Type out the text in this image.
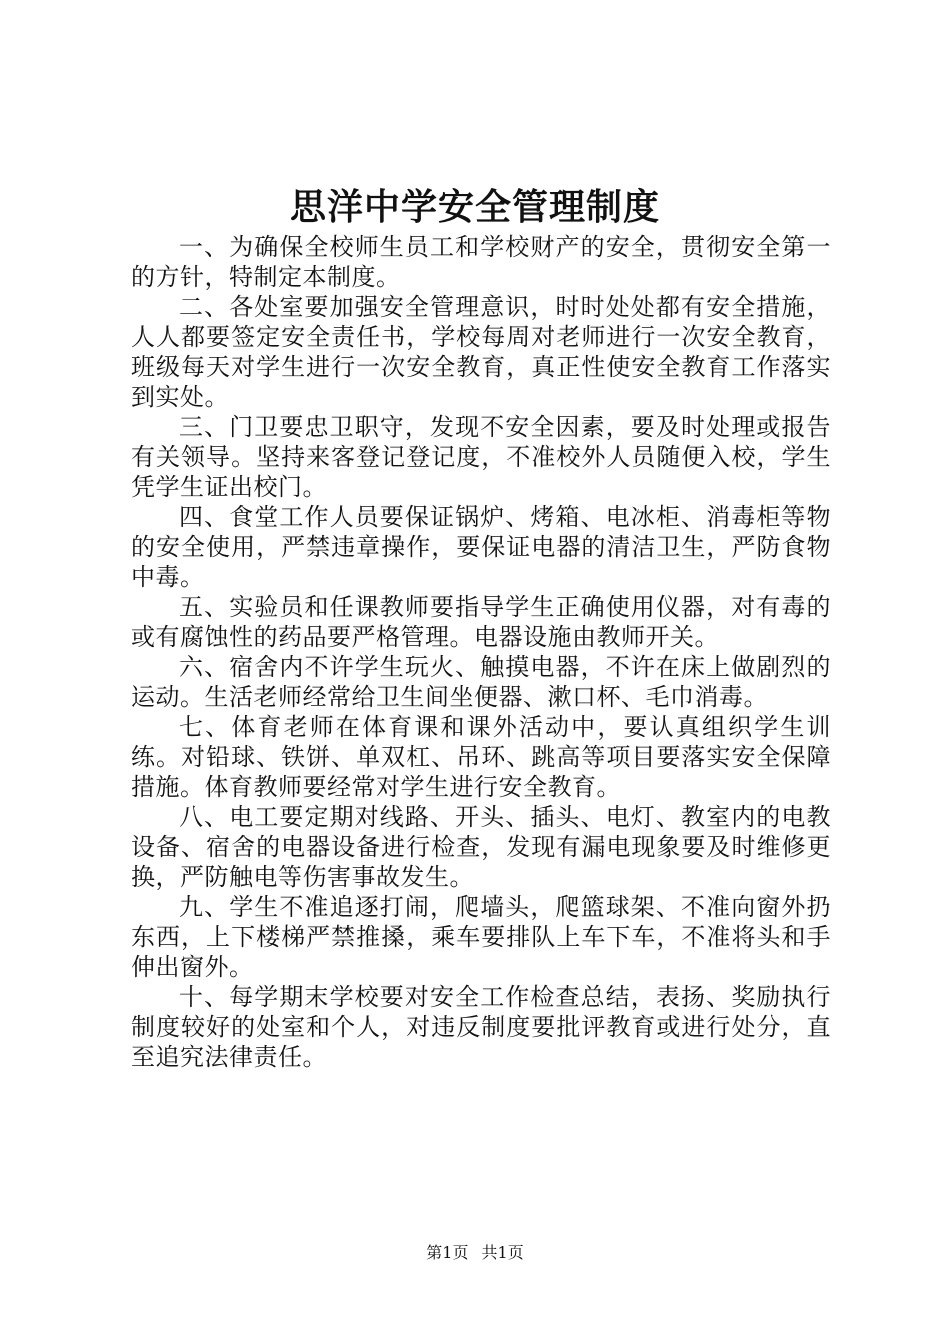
思洋中学安全管理制度

一、为确保全校师生员工和学校财产的安全，贯彻安全第一的方针，特制定本制度。

二、各处室要加强安全管理意识，时时处处都有安全措施，人人都要签定安全责任书，学校每周对老师进行一次安全教育，班级每天对学生进行一次安全教育，真正性使安全教育工作落实到实处。

三、门卫要忠卫职守，发现不安全因素，要及时处理或报告有关领导。坚持来客登记登记度，不准校外人员随便入校，学生凭学生证出校门。

四、食堂工作人员要保证锅炉、烤箱、电冰柜、消毒柜等物的安全使用，严禁违章操作，要保证电器的清洁卫生，严防食物中毒。

五、实验员和任课教师要指导学生正确使用仪器，对有毒的或有腐蚀性的药品要严格管理。电器设施由教师开关。

六、宿舍内不许学生玩火、触摸电器，不许在床上做剧烈的运动。生活老师经常给卫生间坐便器、漱口杯、毛巾消毒。

七、体育老师在体育课和课外活动中，要认真组织学生训练。对铅球、铁饼、单双杠、吊环、跳高等项目要落实安全保障措施。体育教师要经常对学生进行安全教育。

八、电工要定期对线路、开头、插头、电灯、教室内的电教设备、宿舍的电器设备进行检查，发现有漏电现象要及时维修更换，严防触电等伤害事故发生。

九、学生不准追逐打闹，爬墙头，爬篮球架、不准向窗外扔东西，上下楼梯严禁推搡，乘车要排队上车下车，不准将头和手伸出窗外。

十、每学期末学校要对安全工作检查总结，表扬、奖励执行制度较好的处室和个人，对违反制度要批评教育或进行处分，直至追究法律责任。

第1页 共1页
